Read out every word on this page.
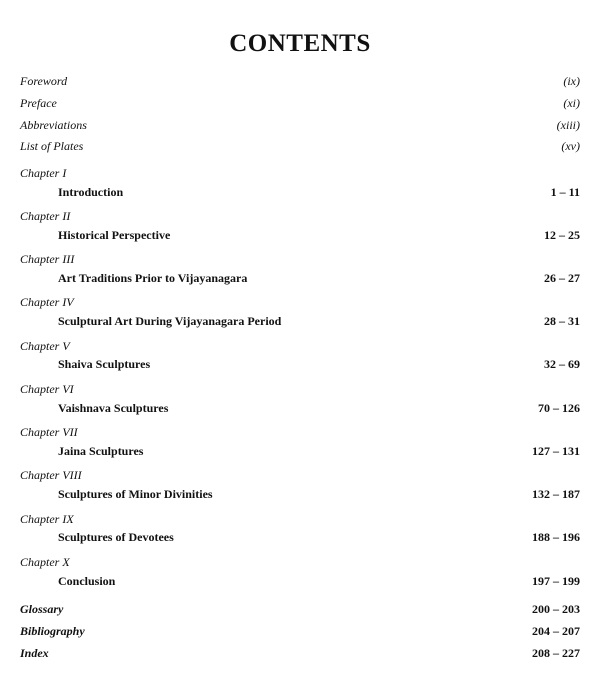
CONTENTS
Foreword	(ix)
Preface	(xi)
Abbreviations	(xiii)
List of Plates	(xv)
Chapter I
Introduction	1 – 11
Chapter II
Historical Perspective	12 – 25
Chapter III
Art Traditions Prior to Vijayanagara	26 – 27
Chapter IV
Sculptural Art During Vijayanagara Period	28 – 31
Chapter V
Shaiva Sculptures	32 – 69
Chapter VI
Vaishnava Sculptures	70 – 126
Chapter VII
Jaina Sculptures	127 – 131
Chapter VIII
Sculptures of Minor Divinities	132 – 187
Chapter IX
Sculptures of Devotees	188 – 196
Chapter X
Conclusion	197 – 199
Glossary	200 – 203
Bibliography	204 – 207
Index	208 – 227
